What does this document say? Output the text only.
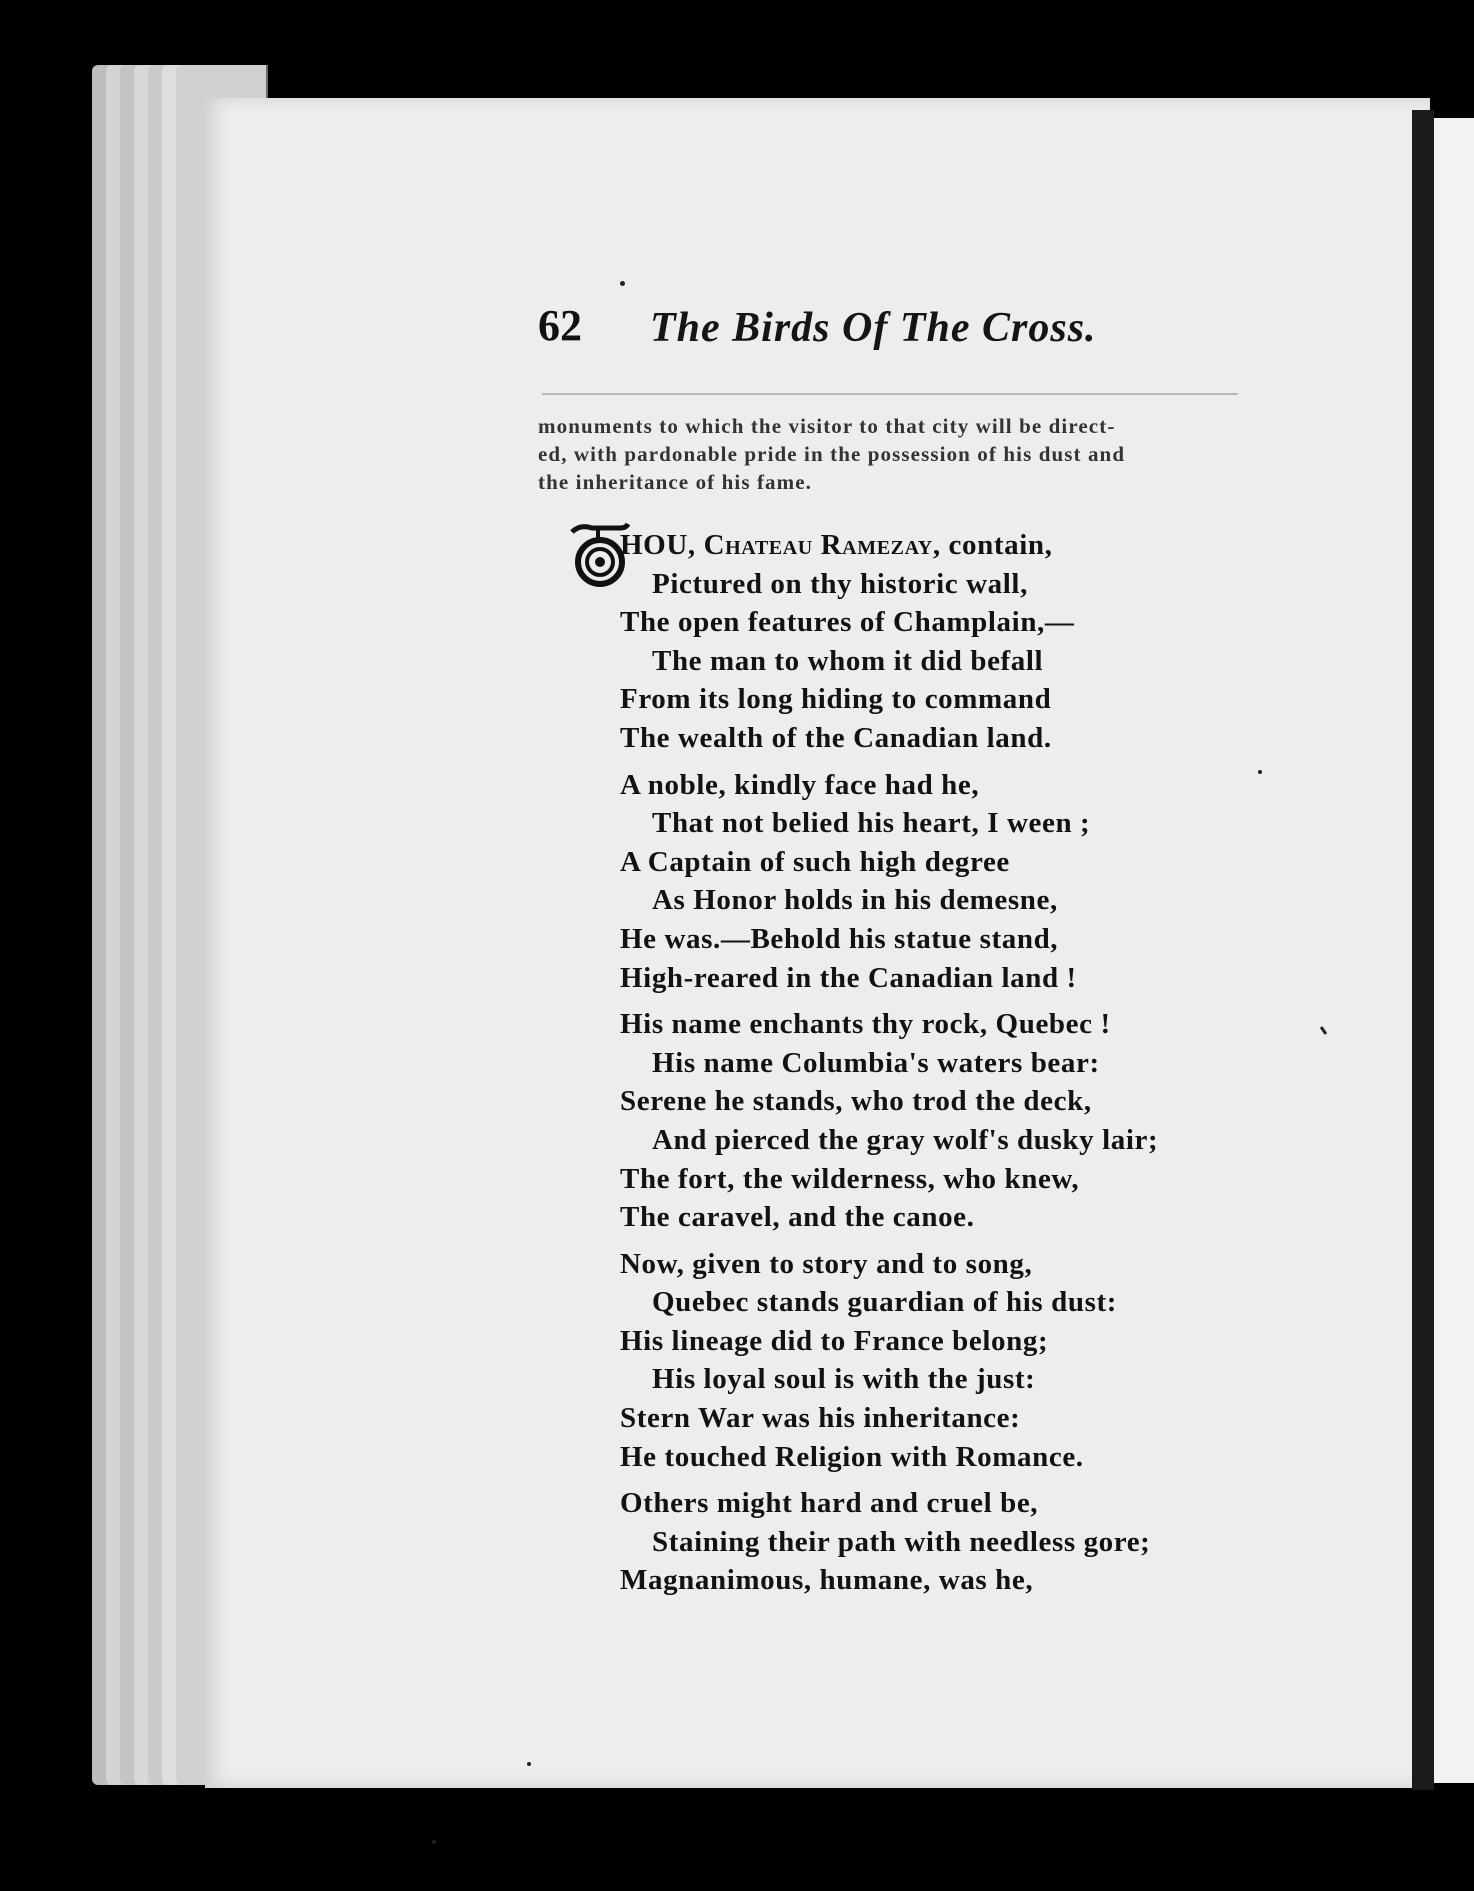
62 The Birds Of The Cross.
monuments to which the visitor to that city will be direct-
ed, with pardonable pride in the possession of his dust and
the inheritance of his fame.
HOU, Chateau Ramezay, contain,
Pictured on thy historic wall,
The open features of Champlain,—
The man to whom it did befall
From its long hiding to command
The wealth of the Canadian land.
A noble, kindly face had he,
That not belied his heart, I ween ;
A Captain of such high degree
As Honor holds in his demesne,
He was.—Behold his statue stand,
High-reared in the Canadian land !
His name enchants thy rock, Quebec !
His name Columbia's waters bear:
Serene he stands, who trod the deck,
And pierced the gray wolf's dusky lair;
The fort, the wilderness, who knew,
The caravel, and the canoe.
Now, given to story and to song,
Quebec stands guardian of his dust:
His lineage did to France belong;
His loyal soul is with the just:
Stern War was his inheritance:
He touched Religion with Romance.
Others might hard and cruel be,
Staining their path with needless gore;
Magnanimous, humane, was he,
